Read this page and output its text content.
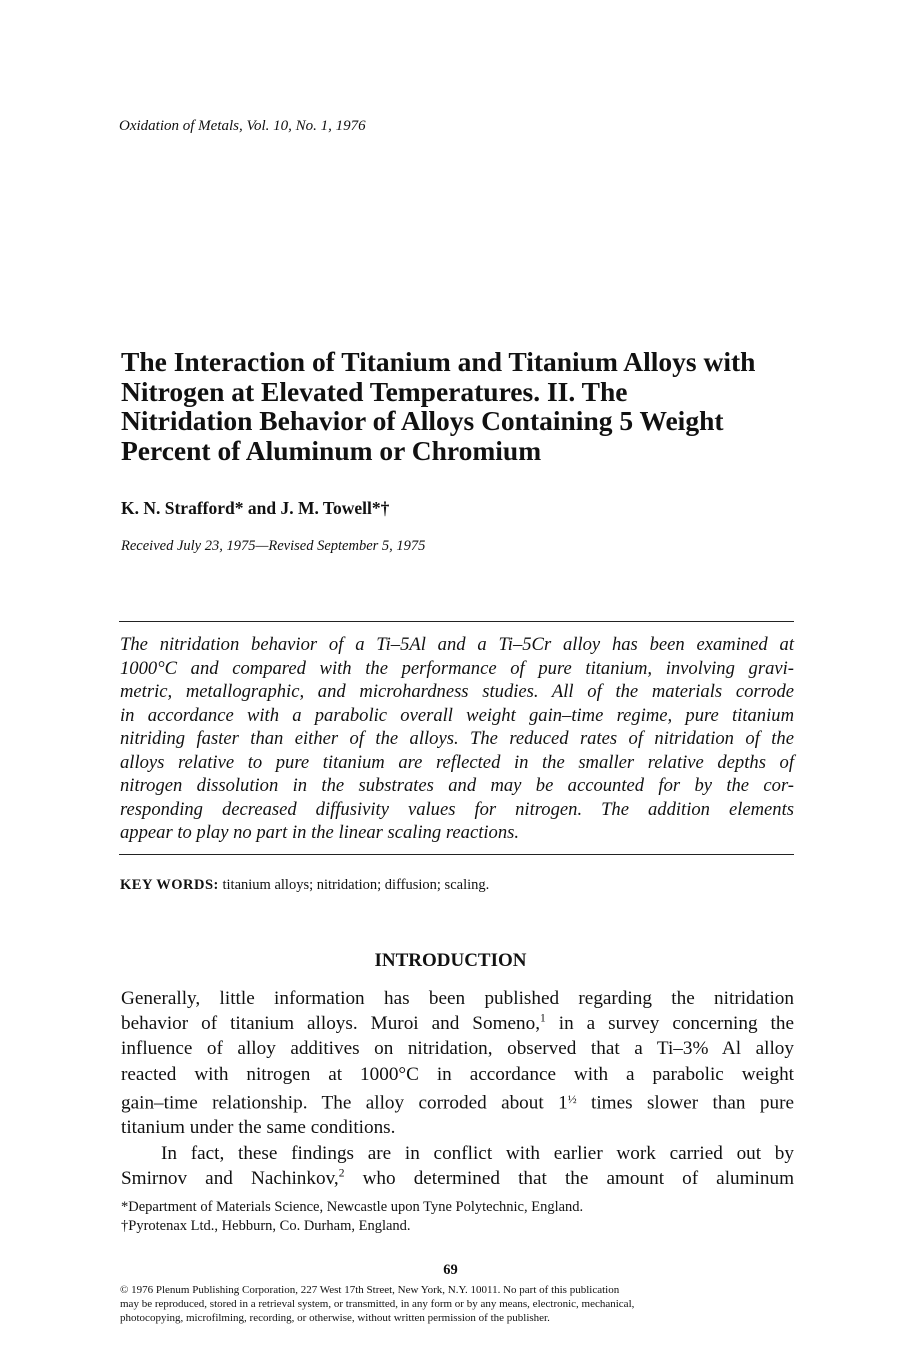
Oxidation of Metals, Vol. 10, No. 1, 1976
The Interaction of Titanium and Titanium Alloys with
Nitrogen at Elevated Temperatures. II. The
Nitridation Behavior of Alloys Containing 5 Weight
Percent of Aluminum or Chromium
K. N. Strafford* and J. M. Towell*†
Received July 23, 1975—Revised September 5, 1975
The nitridation behavior of a Ti–5Al and a Ti–5Cr alloy has been examined at
1000°C and compared with the performance of pure titanium, involving gravi-
metric, metallographic, and microhardness studies. All of the materials corrode
in accordance with a parabolic overall weight gain–time regime, pure titanium
nitriding faster than either of the alloys. The reduced rates of nitridation of the
alloys relative to pure titanium are reflected in the smaller relative depths of
nitrogen dissolution in the substrates and may be accounted for by the cor-
responding decreased diffusivity values for nitrogen. The addition elements
appear to play no part in the linear scaling reactions.
KEY WORDS: titanium alloys; nitridation; diffusion; scaling.
INTRODUCTION
Generally, little information has been published regarding the nitridation
behavior of titanium alloys. Muroi and Someno,$^1$ in a survey concerning the
influence of alloy additives on nitridation, observed that a Ti–3% Al alloy
reacted with nitrogen at 1000°C in accordance with a parabolic weight
gain–time relationship. The alloy corroded about $1^{\frac{1}{2}}$ times slower than pure
titanium under the same conditions.
In fact, these findings are in conflict with earlier work carried out by
Smirnov and Nachinkov,$^2$ who determined that the amount of aluminum
*Department of Materials Science, Newcastle upon Tyne Polytechnic, England.
†Pyrotenax Ltd., Hebburn, Co. Durham, England.
69
© 1976 Plenum Publishing Corporation, 227 West 17th Street, New York, N.Y. 10011. No part of this publication
may be reproduced, stored in a retrieval system, or transmitted, in any form or by any means, electronic, mechanical,
photocopying, microfilming, recording, or otherwise, without written permission of the publisher.
